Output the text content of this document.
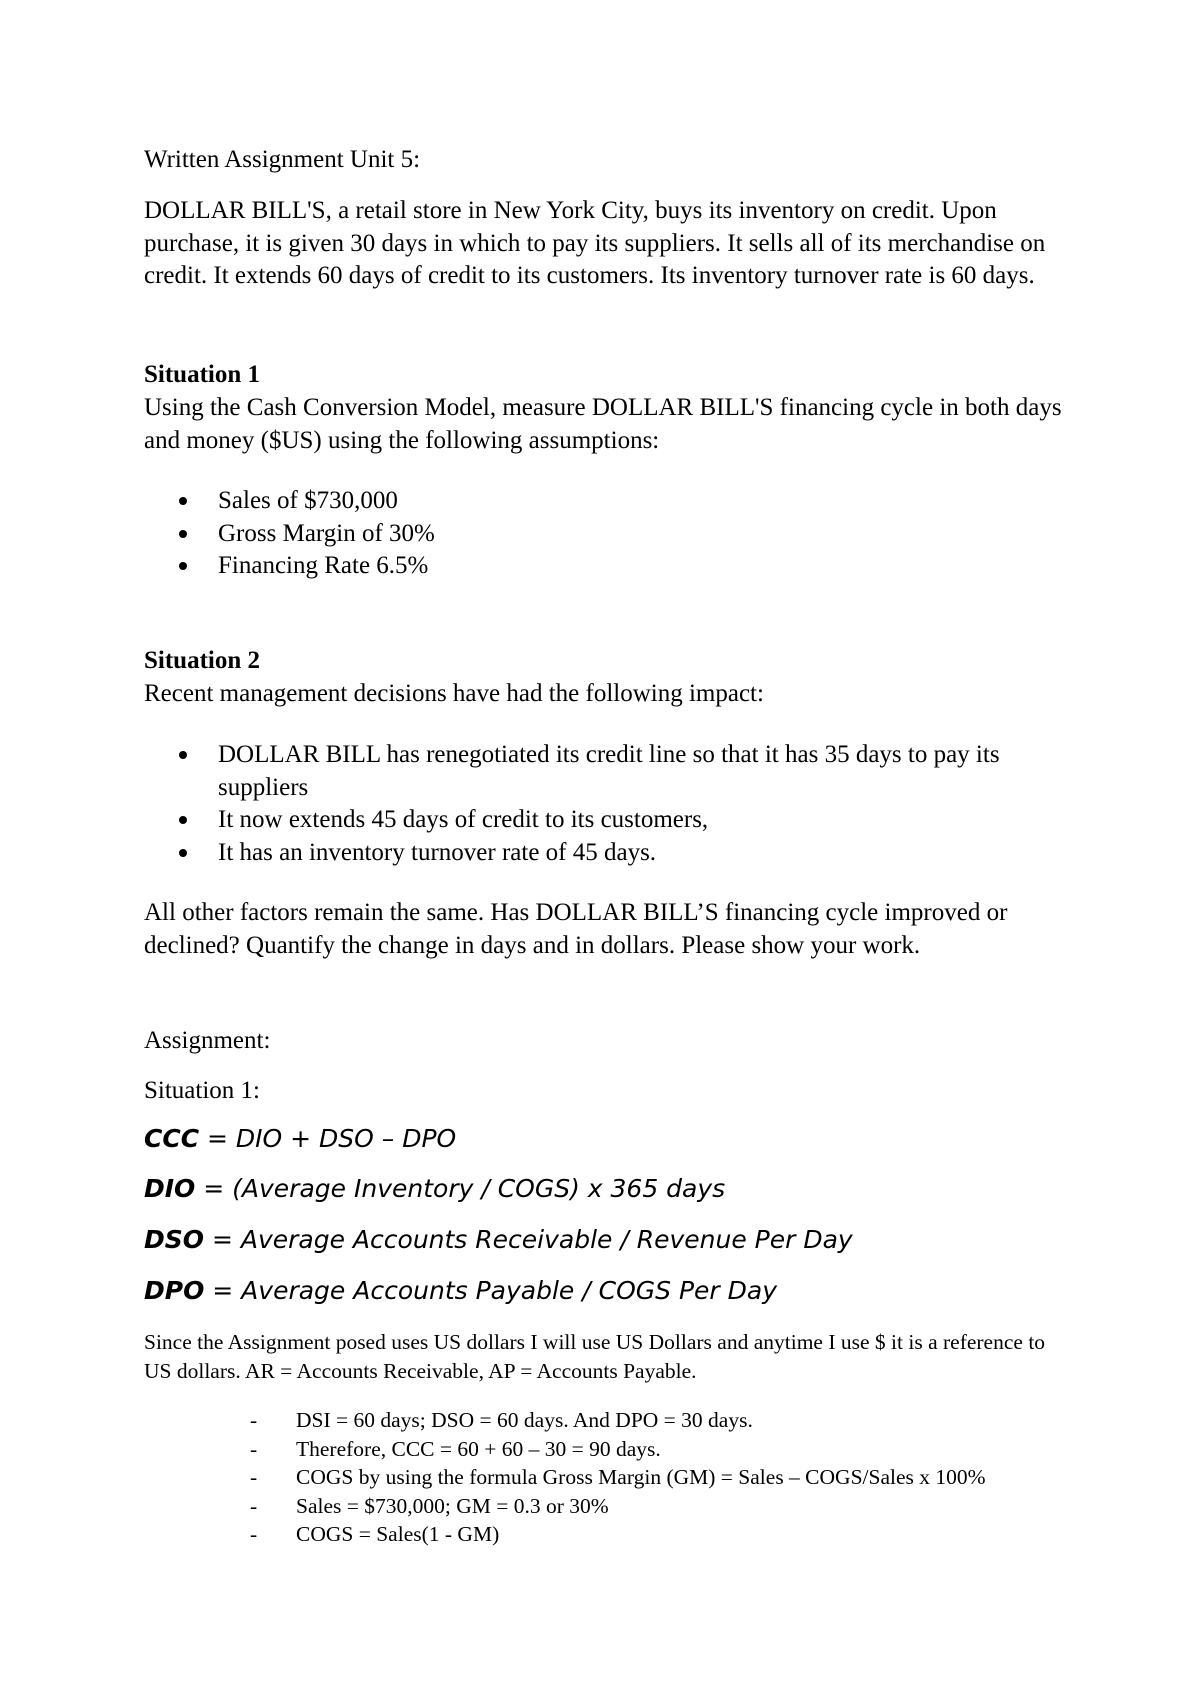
Written Assignment Unit 5:

DOLLAR BILL'S, a retail store in New York City, buys its inventory on credit. Upon purchase, it is given 30 days in which to pay its suppliers. It sells all of its merchandise on credit. It extends 60 days of credit to its customers. Its inventory turnover rate is 60 days.

Situation 1

Using the Cash Conversion Model, measure DOLLAR BILL'S financing cycle in both days and money ($US) using the following assumptions:

Sales of $730,000
Gross Margin of 30%
Financing Rate 6.5%

Situation 2

Recent management decisions have had the following impact:

DOLLAR BILL has renegotiated its credit line so that it has 35 days to pay its suppliers
It now extends 45 days of credit to its customers,
It has an inventory turnover rate of 45 days.

All other factors remain the same. Has DOLLAR BILL’S financing cycle improved or declined? Quantify the change in days and in dollars. Please show your work.

Assignment:

Situation 1:

CCC = DIO + DSO – DPO

DIO = (Average Inventory / COGS) x 365 days

DSO = Average Accounts Receivable / Revenue Per Day

DPO = Average Accounts Payable / COGS Per Day

Since the Assignment posed uses US dollars I will use US Dollars and anytime I use $ it is a reference to US dollars. AR = Accounts Receivable, AP = Accounts Payable.

- DSI = 60 days; DSO = 60 days. And DPO = 30 days.
- Therefore, CCC = 60 + 60 – 30 = 90 days.
- COGS by using the formula Gross Margin (GM) = Sales – COGS/Sales x 100%
- Sales = $730,000; GM = 0.3 or 30%
- COGS = Sales(1 - GM)
